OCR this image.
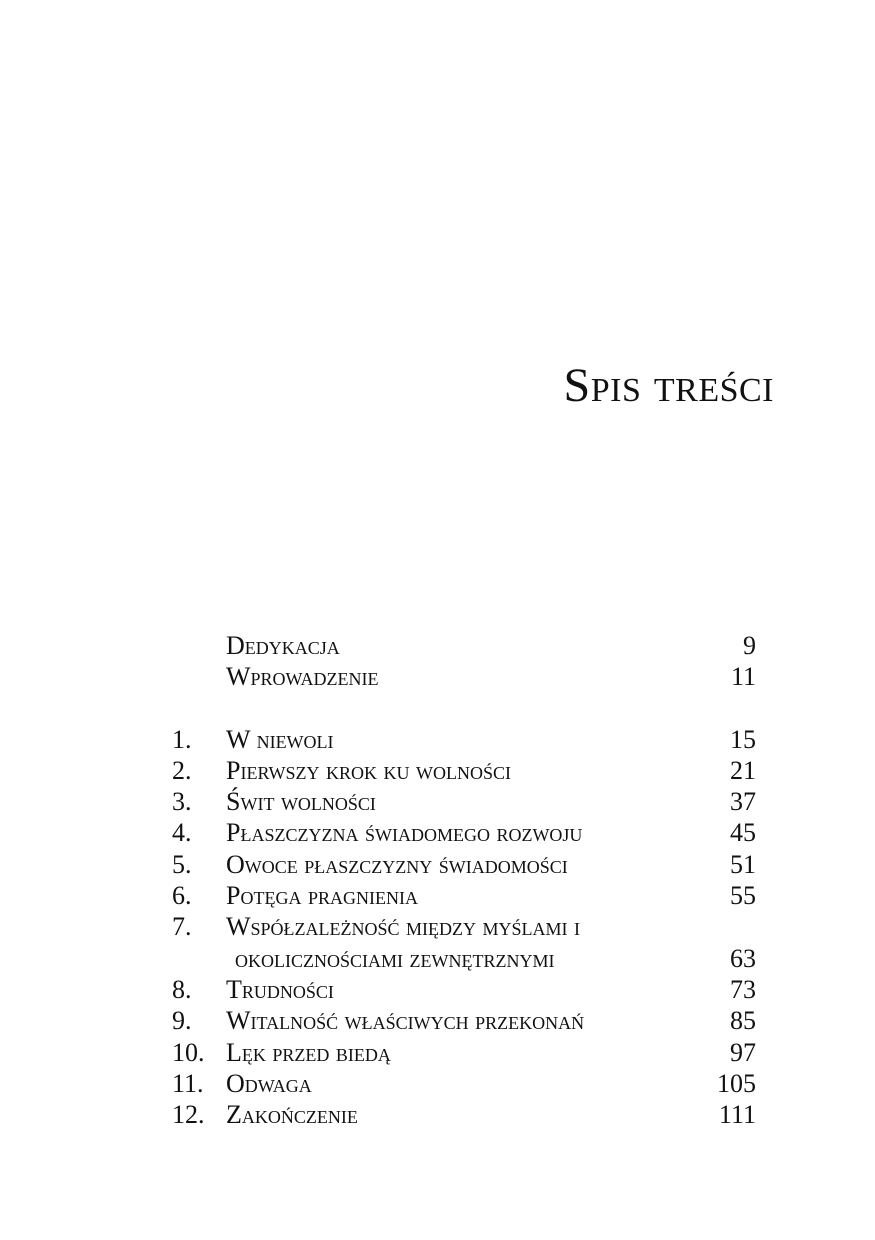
Spis treści
Dedykacja	9
Wprowadzenie	11
1.	W niewoli	15
2.	Pierwszy krok ku wolności	21
3.	Świt wolności	37
4.	Płaszczyzna świadomego rozwoju	45
5.	Owoce płaszczyzny świadomości	51
6.	Potęga pragnienia	55
7.	Współzależność między myślami i
okolicznościami zewnętrznymi	63
8.	Trudności	73
9.	Witalność właściwych przekonań	85
10. Lęk przed biedą	97
11. Odwaga	105
12. Zakończenie	111
